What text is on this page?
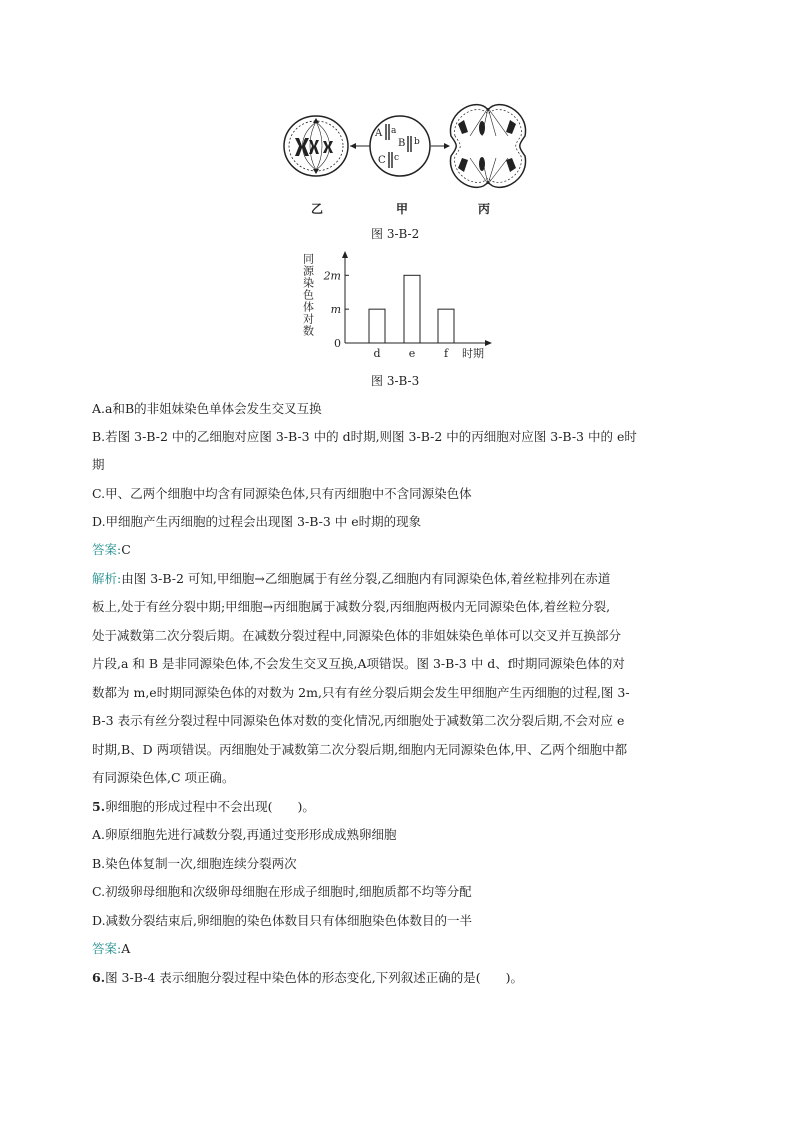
A a
B b
C c
乙	甲	丙
图 3-B-2
同源染色体对数
0
m
2m
d	e	f 时期
图 3-B-3
A.a和B的非姐妹染色单体会发生交叉互换
B.若图 3-B-2 中的乙细胞对应图 3-B-3 中的 d时期,则图 3-B-2 中的丙细胞对应图 3-B-3 中的 e时
期
C.甲、乙两个细胞中均含有同源染色体,只有丙细胞中不含同源染色体
D.甲细胞产生丙细胞的过程会出现图 3-B-3 中 e时期的现象
答案:C
解析:由图 3-B-2 可知,甲细胞→乙细胞属于有丝分裂,乙细胞内有同源染色体,着丝粒排列在赤道
板上,处于有丝分裂中期;甲细胞→丙细胞属于减数分裂,丙细胞两极内无同源染色体,着丝粒分裂,
处于减数第二次分裂后期。在减数分裂过程中,同源染色体的非姐妹染色单体可以交叉并互换部分
片段,a 和 B 是非同源染色体,不会发生交叉互换,A项错误。图 3-B-3 中 d、f时期同源染色体的对
数都为 m,e时期同源染色体的对数为 2m,只有有丝分裂后期会发生甲细胞产生丙细胞的过程,图 3-
B-3 表示有丝分裂过程中同源染色体对数的变化情况,丙细胞处于减数第二次分裂后期,不会对应 e
时期,B、D 两项错误。丙细胞处于减数第二次分裂后期,细胞内无同源染色体,甲、乙两个细胞中都
有同源染色体,C 项正确。
5.卵细胞的形成过程中不会出现(　　)。
A.卵原细胞先进行减数分裂,再通过变形形成成熟卵细胞
B.染色体复制一次,细胞连续分裂两次
C.初级卵母细胞和次级卵母细胞在形成子细胞时,细胞质都不均等分配
D.减数分裂结束后,卵细胞的染色体数目只有体细胞染色体数目的一半
答案:A
6.图 3-B-4 表示细胞分裂过程中染色体的形态变化,下列叙述正确的是(　　)。
